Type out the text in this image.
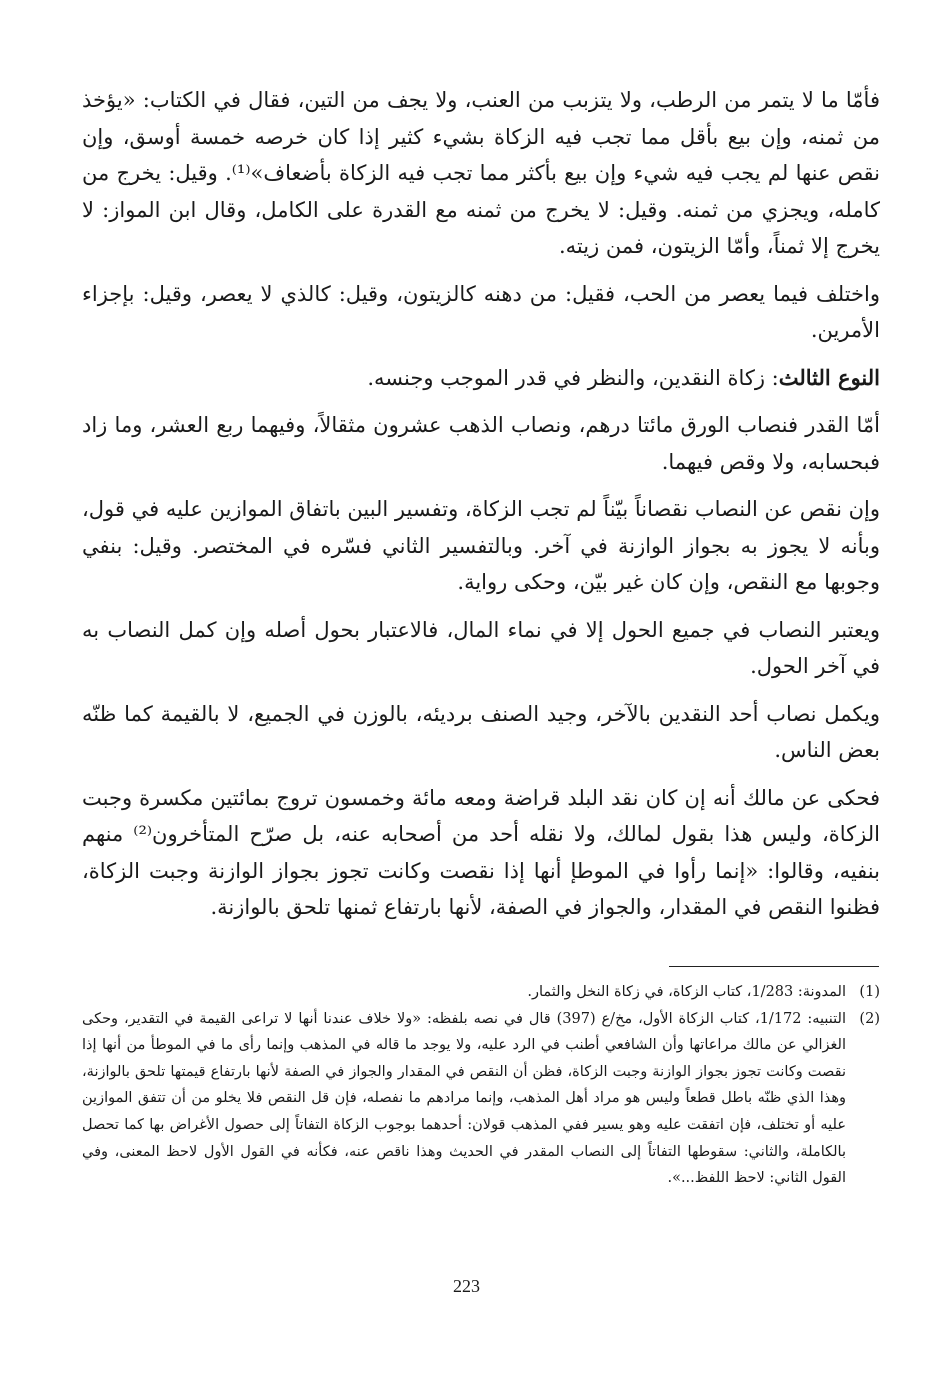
فأمّا ما لا يتمر من الرطب، ولا يتزبب من العنب، ولا يجف من التين، فقال في الكتاب: «يؤخذ من ثمنه، وإن بيع بأقل مما تجب فيه الزكاة بشيء كثير إذا كان خرصه خمسة أوسق، وإن نقص عنها لم يجب فيه شيء وإن بيع بأكثر مما تجب فيه الزكاة بأضعاف»⁽¹⁾. وقيل: يخرج من كامله، ويجزي من ثمنه. وقيل: لا يخرج من ثمنه مع القدرة على الكامل، وقال ابن المواز: لا يخرج إلا ثمناً، وأمّا الزيتون، فمن زيته.

واختلف فيما يعصر من الحب، فقيل: من دهنه كالزيتون، وقيل: كالذي لا يعصر، وقيل: بإجزاء الأمرين.

النوع الثالث: زكاة النقدين، والنظر في قدر الموجب وجنسه.

أمّا القدر فنصاب الورق مائتا درهم، ونصاب الذهب عشرون مثقالاً، وفيهما ربع العشر، وما زاد فبحسابه، ولا وقص فيهما.

وإن نقص عن النصاب نقصاناً بيّناً لم تجب الزكاة، وتفسير البين باتفاق الموازين عليه في قول، وبأنه لا يجوز به بجواز الوازنة في آخر. وبالتفسير الثاني فسّره في المختصر. وقيل: بنفي وجوبها مع النقص، وإن كان غير بيّن، وحكى رواية.

ويعتبر النصاب في جميع الحول إلا في نماء المال، فالاعتبار بحول أصله وإن كمل النصاب به في آخر الحول.

ويكمل نصاب أحد النقدين بالآخر، وجيد الصنف برديئه، بالوزن في الجميع، لا بالقيمة كما ظنّه بعض الناس.

فحكى عن مالك أنه إن كان نقد البلد قراضة ومعه مائة وخمسون تروج بمائتين مكسرة وجبت الزكاة، وليس هذا بقول لمالك، ولا نقله أحد من أصحابه عنه، بل صرّح المتأخرون⁽²⁾ منهم بنفيه، وقالوا: «إنما رأوا في الموطإ أنها إذا نقصت وكانت تجوز بجواز الوازنة وجبت الزكاة، فظنوا النقص في المقدار، والجواز في الصفة، لأنها بارتفاع ثمنها تلحق بالوازنة.

(1)
المدونة: 1/283، كتاب الزكاة، في زكاة النخل والثمار.
(2)
التنبيه: 1/172، كتاب الزكاة الأول، مخ/ع (397) قال في نصه بلفظه: «ولا خلاف عندنا أنها لا تراعى القيمة في التقدير، وحكى الغزالي عن مالك مراعاتها وأن الشافعي أطنب في الرد عليه، ولا يوجد ما قاله في المذهب وإنما رأى ما في الموطأ من أنها إذا نقصت وكانت تجوز بجواز الوازنة وجبت الزكاة، فظن أن النقص في المقدار والجواز في الصفة لأنها بارتفاع قيمتها تلحق بالوازنة، وهذا الذي ظنّه باطل قطعاً وليس هو مراد أهل المذهب، وإنما مرادهم ما نفصله، فإن قل النقص فلا يخلو من أن تتفق الموازين عليه أو تختلف، فإن اتفقت عليه وهو يسير ففي المذهب قولان: أحدهما بوجوب الزكاة التفاتاً إلى حصول الأغراض بها كما تحصل بالكاملة، والثاني: سقوطها التفاتاً إلى النصاب المقدر في الحديث وهذا ناقص عنه، فكأنه في القول الأول لاحظ المعنى، وفي القول الثاني: لاحظ اللفظ...».
223
